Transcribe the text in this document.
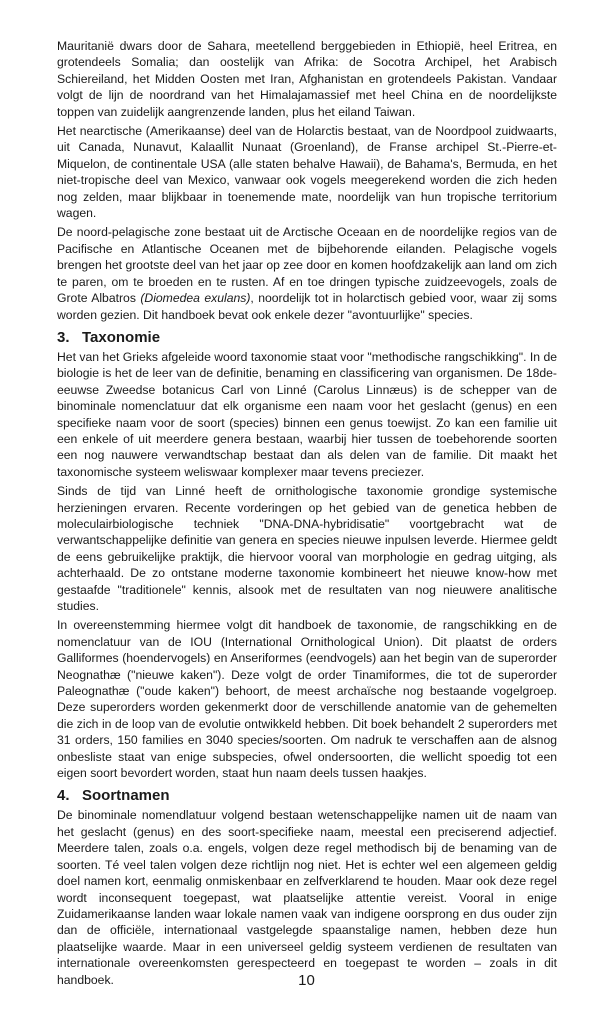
Mauritanië dwars door de Sahara, meetellend berggebieden in Ethiopië, heel Eritrea, en grotendeels Somalia; dan oostelijk van Afrika: de Socotra Archipel, het Arabisch Schiereiland, het Midden Oosten met Iran, Afghanistan en grotendeels Pakistan. Vandaar volgt de lijn de noordrand van het Himalajamassief met heel China en de noordelijkste toppen van zuidelijk aangrenzende landen, plus het eiland Taiwan.

Het nearctische (Amerikaanse) deel van de Holarctis bestaat, van de Noordpool zuidwaarts, uit Canada, Nunavut, Kalaallit Nunaat (Groenland), de Franse archipel St.-Pierre-et-Miquelon, de continentale USA (alle staten behalve Hawaii), de Bahama's, Bermuda, en het niet-tropische deel van Mexico, vanwaar ook vogels meegerekend worden die zich heden nog zelden, maar blijkbaar in toenemende mate, noordelijk van hun tropische territorium wagen.

De noord-pelagische zone bestaat uit de Arctische Oceaan en de noordelijke regios van de Pacifische en Atlantische Oceanen met de bijbehorende eilanden. Pelagische vogels brengen het grootste deel van het jaar op zee door en komen hoofdzakelijk aan land om zich te paren, om te broeden en te rusten. Af en toe dringen typische zuidzeevogels, zoals de Grote Albatros (Diomedea exulans), noordelijk tot in holarctisch gebied voor, waar zij soms worden gezien. Dit handboek bevat ook enkele dezer "avontuurlijke" species.

3. Taxonomie

Het van het Grieks afgeleide woord taxonomie staat voor "methodische rangschikking". In de biologie is het de leer van de definitie, benaming en classificering van organismen. De 18de-eeuwse Zweedse botanicus Carl von Linné (Carolus Linnæus) is de schepper van de binominale nomenclatuur dat elk organisme een naam voor het geslacht (genus) en een specifieke naam voor de soort (species) binnen een genus toewijst. Zo kan een familie uit een enkele of uit meerdere genera bestaan, waarbij hier tussen de toebehorende soorten een nog nauwere verwandtschap bestaat dan als delen van de familie. Dit maakt het taxonomische systeem weliswaar komplexer maar tevens preciezer.

Sinds de tijd van Linné heeft de ornithologische taxonomie grondige systemische herzieningen ervaren. Recente vorderingen op het gebied van de genetica hebben de moleculairbiologische techniek "DNA-DNA-hybridisatie" voortgebracht wat de verwantschappelijke definitie van genera en species nieuwe inpulsen leverde. Hiermee geldt de eens gebruikelijke praktijk, die hiervoor vooral van morphologie en gedrag uitging, als achterhaald. De zo ontstane moderne taxonomie kombineert het nieuwe know-how met gestaafde "traditionele" kennis, alsook met de resultaten van nog nieuwere analitische studies.

In overeenstemming hiermee volgt dit handboek de taxonomie, de rangschikking en de nomenclatuur van de IOU (International Ornithological Union). Dit plaatst de orders Galliformes (hoendervogels) en Anseriformes (eendvogels) aan het begin van de superorder Neognathæ ("nieuwe kaken"). Deze volgt de order Tinamiformes, die tot de superorder Paleognathæ ("oude kaken") behoort, de meest archaïsche nog bestaande vogelgroep. Deze superorders worden gekenmerkt door de verschillende anatomie van de gehemelten die zich in de loop van de evolutie ontwikkeld hebben. Dit boek behandelt 2 superorders met 31 orders, 150 families en 3040 species/soorten. Om nadruk te verschaffen aan de alsnog onbesliste staat van enige subspecies, ofwel ondersoorten, die wellicht spoedig tot een eigen soort bevordert worden, staat hun naam deels tussen haakjes.

4. Soortnamen

De binominale nomendlatuur volgend bestaan wetenschappelijke namen uit de naam van het geslacht (genus) en des soort-specifieke naam, meestal een preciserend adjectief. Meerdere talen, zoals o.a. engels, volgen deze regel methodisch bij de benaming van de soorten. Té veel talen volgen deze richtlijn nog niet. Het is echter wel een algemeen geldig doel namen kort, eenmalig onmiskenbaar en zelfverklarend te houden. Maar ook deze regel wordt inconsequent toegepast, wat plaatselijke attentie vereist. Vooral in enige Zuidamerikaanse landen waar lokale namen vaak van indigene oorsprong en dus ouder zijn dan de officiële, internationaal vastgelegde spaanstalige namen, hebben deze hun plaatselijke waarde. Maar in een universeel geldig systeem verdienen de resultaten van internationale overeenkomsten gerespecteerd en toegepast te worden – zoals in dit handboek.	10
